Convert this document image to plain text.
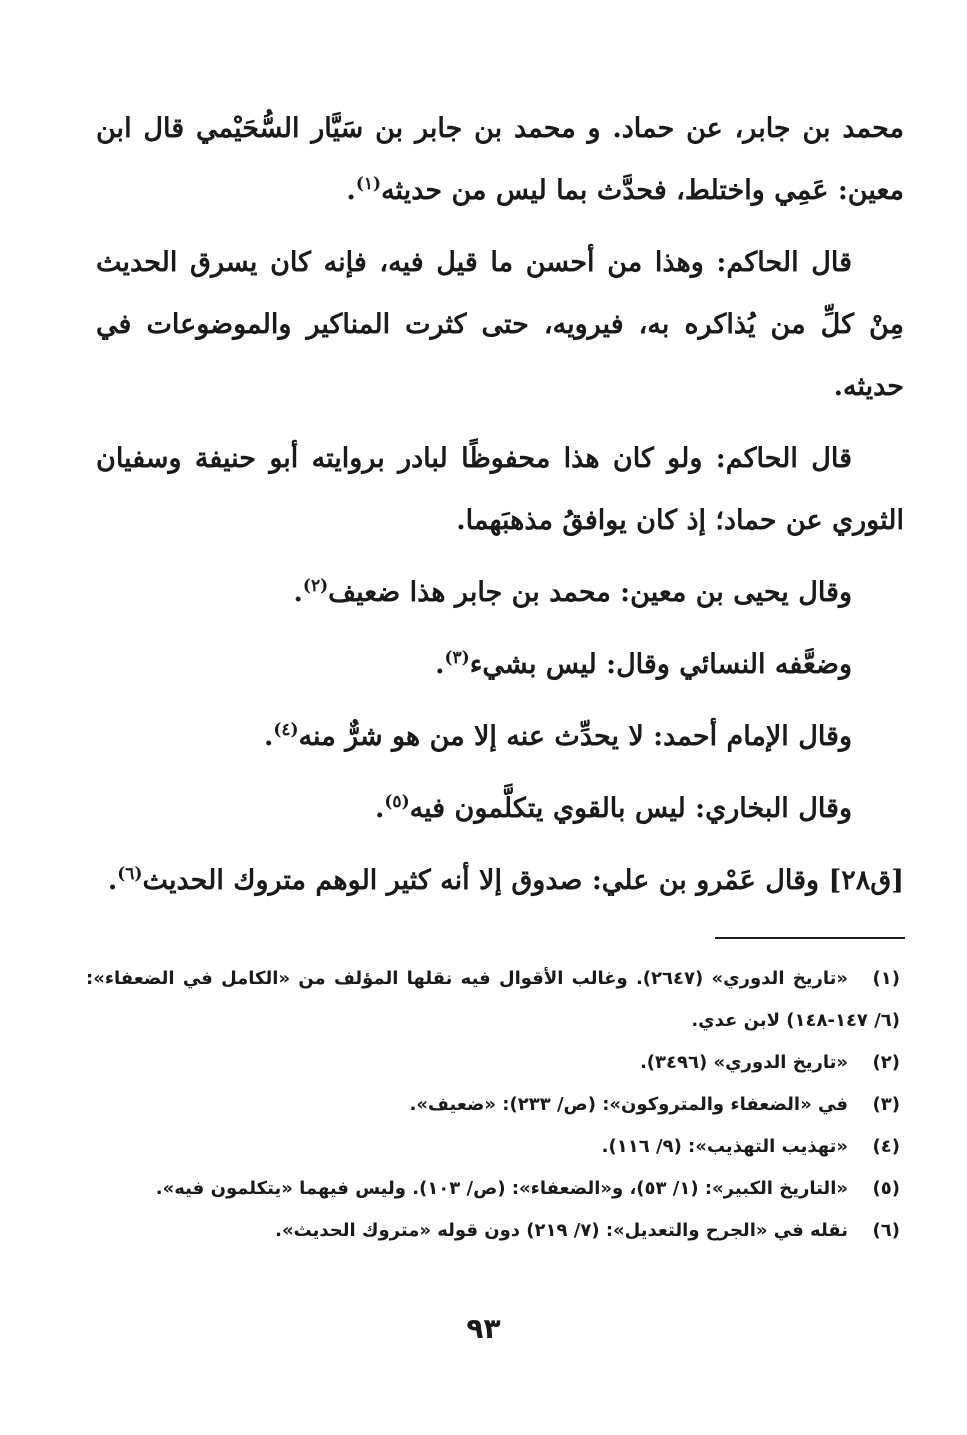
محمد بن جابر، عن حماد. و محمد بن جابر بن سَيَّار السُّحَيْمي قال ابن معين: عَمِي واختلط، فحدَّث بما ليس من حديثه$^{(١)}$.

قال الحاكم: وهذا من أحسن ما قيل فيه، فإنه كان يسرق الحديث مِنْ كلِّ من يُذاكره به، فيرويه، حتى كثرت المناكير والموضوعات في حديثه.

قال الحاكم: ولو كان هذا محفوظًا لبادر بروايته أبو حنيفة وسفيان الثوري عن حماد؛ إذ كان يوافقُ مذهبَهما.

وقال يحيى بن معين: محمد بن جابر هذا ضعيف$^{(٢)}$.

وضعَّفه النسائي وقال: ليس بشيء$^{(٣)}$.

وقال الإمام أحمد: لا يحدِّث عنه إلا من هو شرٌّ منه$^{(٤)}$.

وقال البخاري: ليس بالقوي يتكلَّمون فيه$^{(٥)}$.

[ق٢٨] وقال عَمْرو بن علي: صدوق إلا أنه كثير الوهم متروك الحديث$^{(٦)}$.

(١)«تاريخ الدوري» (٢٦٤٧). وغالب الأقوال فيه نقلها المؤلف من «الكامل في الضعفاء»: (٦/ ١٤٧-١٤٨) لابن عدي.

(٢)«تاريخ الدوري» (٣٤٩٦).

(٣)في «الضعفاء والمتروكون»: (ص/ ٢٣٣): «ضعيف».

(٤)«تهذيب التهذيب»: (٩/ ١١٦).

(٥)«التاريخ الكبير»: (١/ ٥٣)، و«الضعفاء»: (ص/ ١٠٣). وليس فيهما «يتكلمون فيه».

(٦)نقله في «الجرح والتعديل»: (٧/ ٢١٩) دون قوله «متروك الحديث».

٩٣
